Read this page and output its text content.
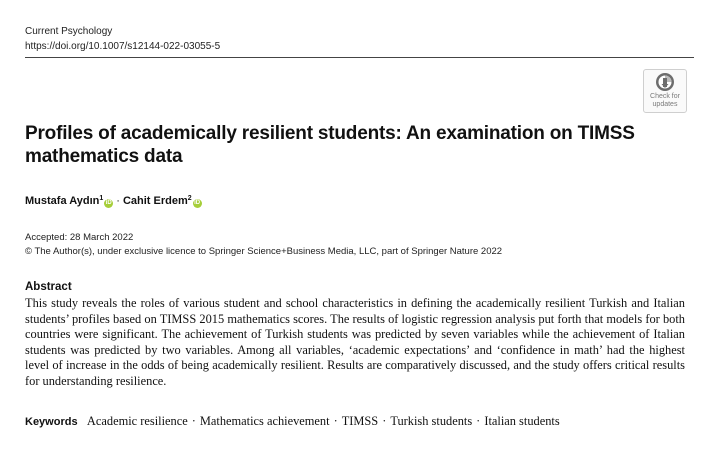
Current Psychology
https://doi.org/10.1007/s12144-022-03055-5
Check for
updates
Profiles of academically resilient students: An examination on TIMSS mathematics data
Mustafa Aydın$^1$iD · Cahit Erdem$^2$iD
Accepted: 28 March 2022
© The Author(s), under exclusive licence to Springer Science+Business Media, LLC, part of Springer Nature 2022
Abstract

This study reveals the roles of various student and school characteristics in defining the academically resilient Turkish and Italian students’ profiles based on TIMSS 2015 mathematics scores. The results of logistic regression analysis put forth that models for both countries were significant. The achievement of Turkish students was predicted by seven variables while the achievement of Italian students was predicted by two variables. Among all variables, ‘academic expectations’ and ‘confidence in math’ had the highest level of increase in the odds of being academically resilient. Results are comparatively discussed, and the study offers critical results for understanding resilience.

Keywords Academic resilience · Mathematics achievement · TIMSS · Turkish students · Italian students
